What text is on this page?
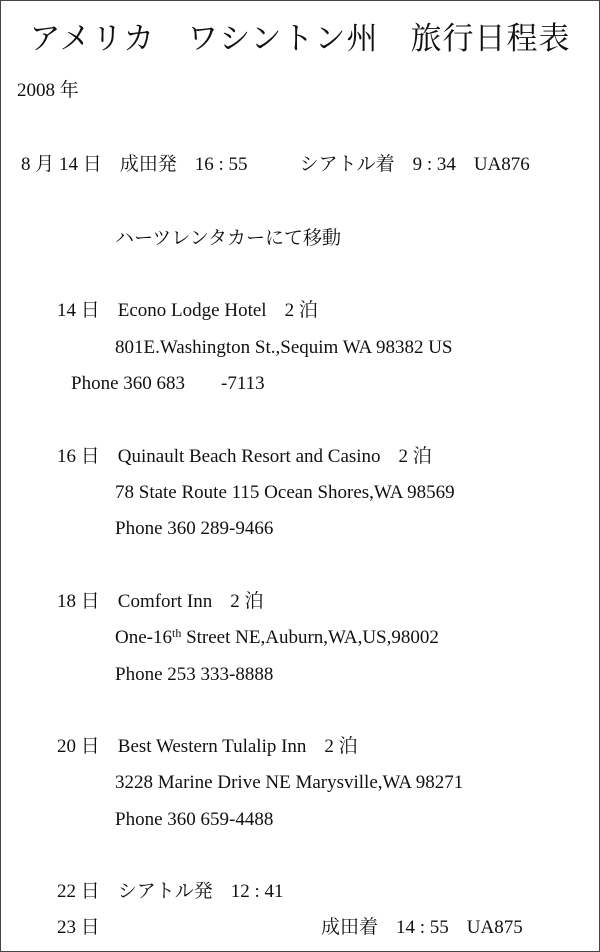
アメリカ　ワシントン州　旅行日程表
2008 年
8 月 14 日 成田発 16 : 55	シアトル着 9 : 34 UA876
ハーツレンタカーにて移動
14 日 Econo Lodge Hotel 2 泊
801E.Washington St.,Sequim WA 98382 US
Phone 360 683 -7113
16 日 Quinault Beach Resort and Casino 2 泊
78 State Route 115 Ocean Shores,WA 98569
Phone 360 289-9466
18 日 Comfort Inn 2 泊
One-16th Street NE,Auburn,WA,US,98002
Phone 253 333-8888
20 日 Best Western Tulalip Inn 2 泊
3228 Marine Drive NE Marysville,WA 98271
Phone 360 659-4488
22 日 シアトル発 12 : 41
23 日	成田着 14 : 55 UA875
